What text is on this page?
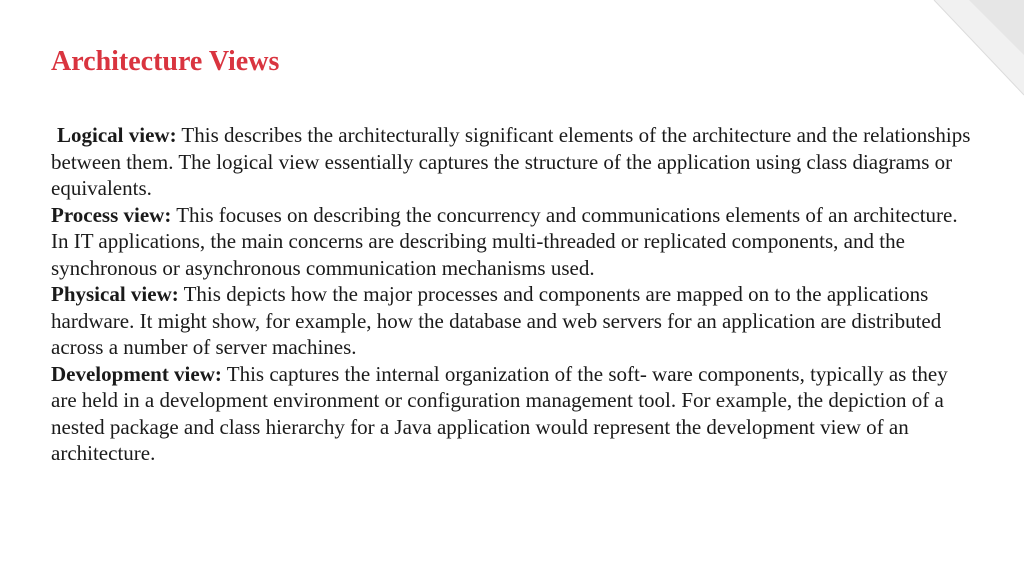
Architecture Views

Logical view: This describes the architecturally significant elements of the architecture and the relationships between them. The logical view essentially captures the structure of the application using class diagrams or equivalents.

Process view: This focuses on describing the concurrency and communications elements of an architecture. In IT applications, the main concerns are describing multi-threaded or replicated components, and the synchronous or asynchronous communication mechanisms used.

Physical view: This depicts how the major processes and components are mapped on to the applications hardware. It might show, for example, how the database and web servers for an application are distributed across a number of server machines.

Development view: This captures the internal organization of the soft- ware components, typically as they are held in a development environment or configuration management tool. For example, the depiction of a nested package and class hierarchy for a Java application would represent the development view of an architecture.
